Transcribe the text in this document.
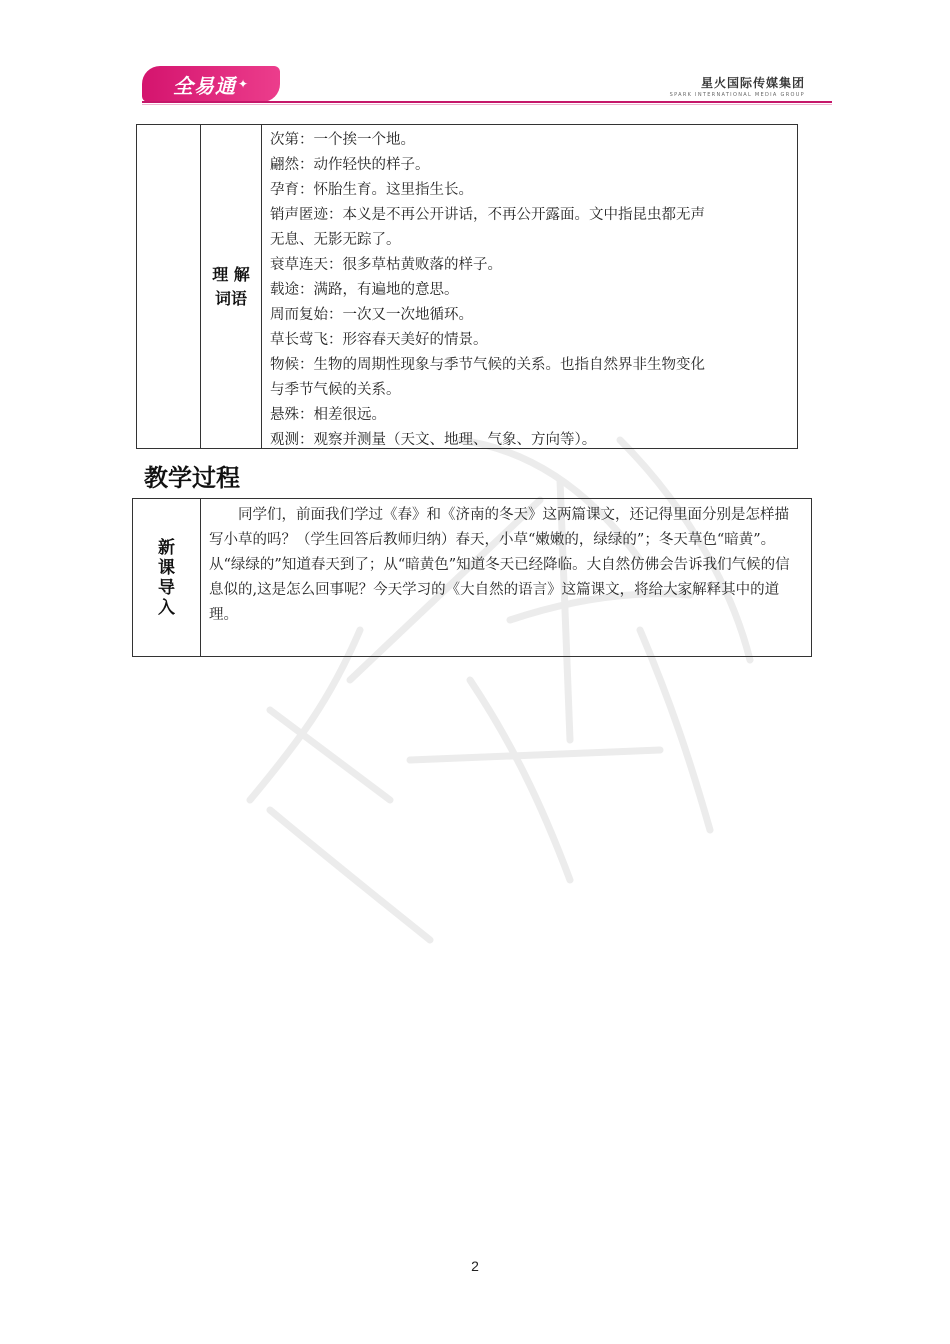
全易通 ✦	星火国际传媒集团
SPARK INTERNATIONAL MEDIA GROUP
理 解 词语
次第：一个挨一个地。
翩然：动作轻快的样子。
孕育：怀胎生育。这里指生长。
销声匿迹：本义是不再公开讲话，不再公开露面。文中指昆虫都无声
无息、无影无踪了。
衰草连天：很多草枯黄败落的样子。
载途：满路，有遍地的意思。
周而复始：一次又一次地循环。
草长莺飞：形容春天美好的情景。
物候：生物的周期性现象与季节气候的关系。也指自然界非生物变化
与季节气候的关系。
悬殊：相差很远。
观测：观察并测量（天文、地理、气象、方向等）。
教学过程
新课导入

同学们，前面我们学过《春》和《济南的冬天》这两篇课文，还记得里面分别是怎样描写小草的吗？（学生回答后教师归纳）春天，小草“嫩嫩的，绿绿的”；冬天草色“暗黄”。从“绿绿的”知道春天到了；从“暗黄色”知道冬天已经降临。大自然仿佛会告诉我们气候的信息似的,这是怎么回事呢？今天学习的《大自然的语言》这篇课文，将给大家解释其中的道理。

2
